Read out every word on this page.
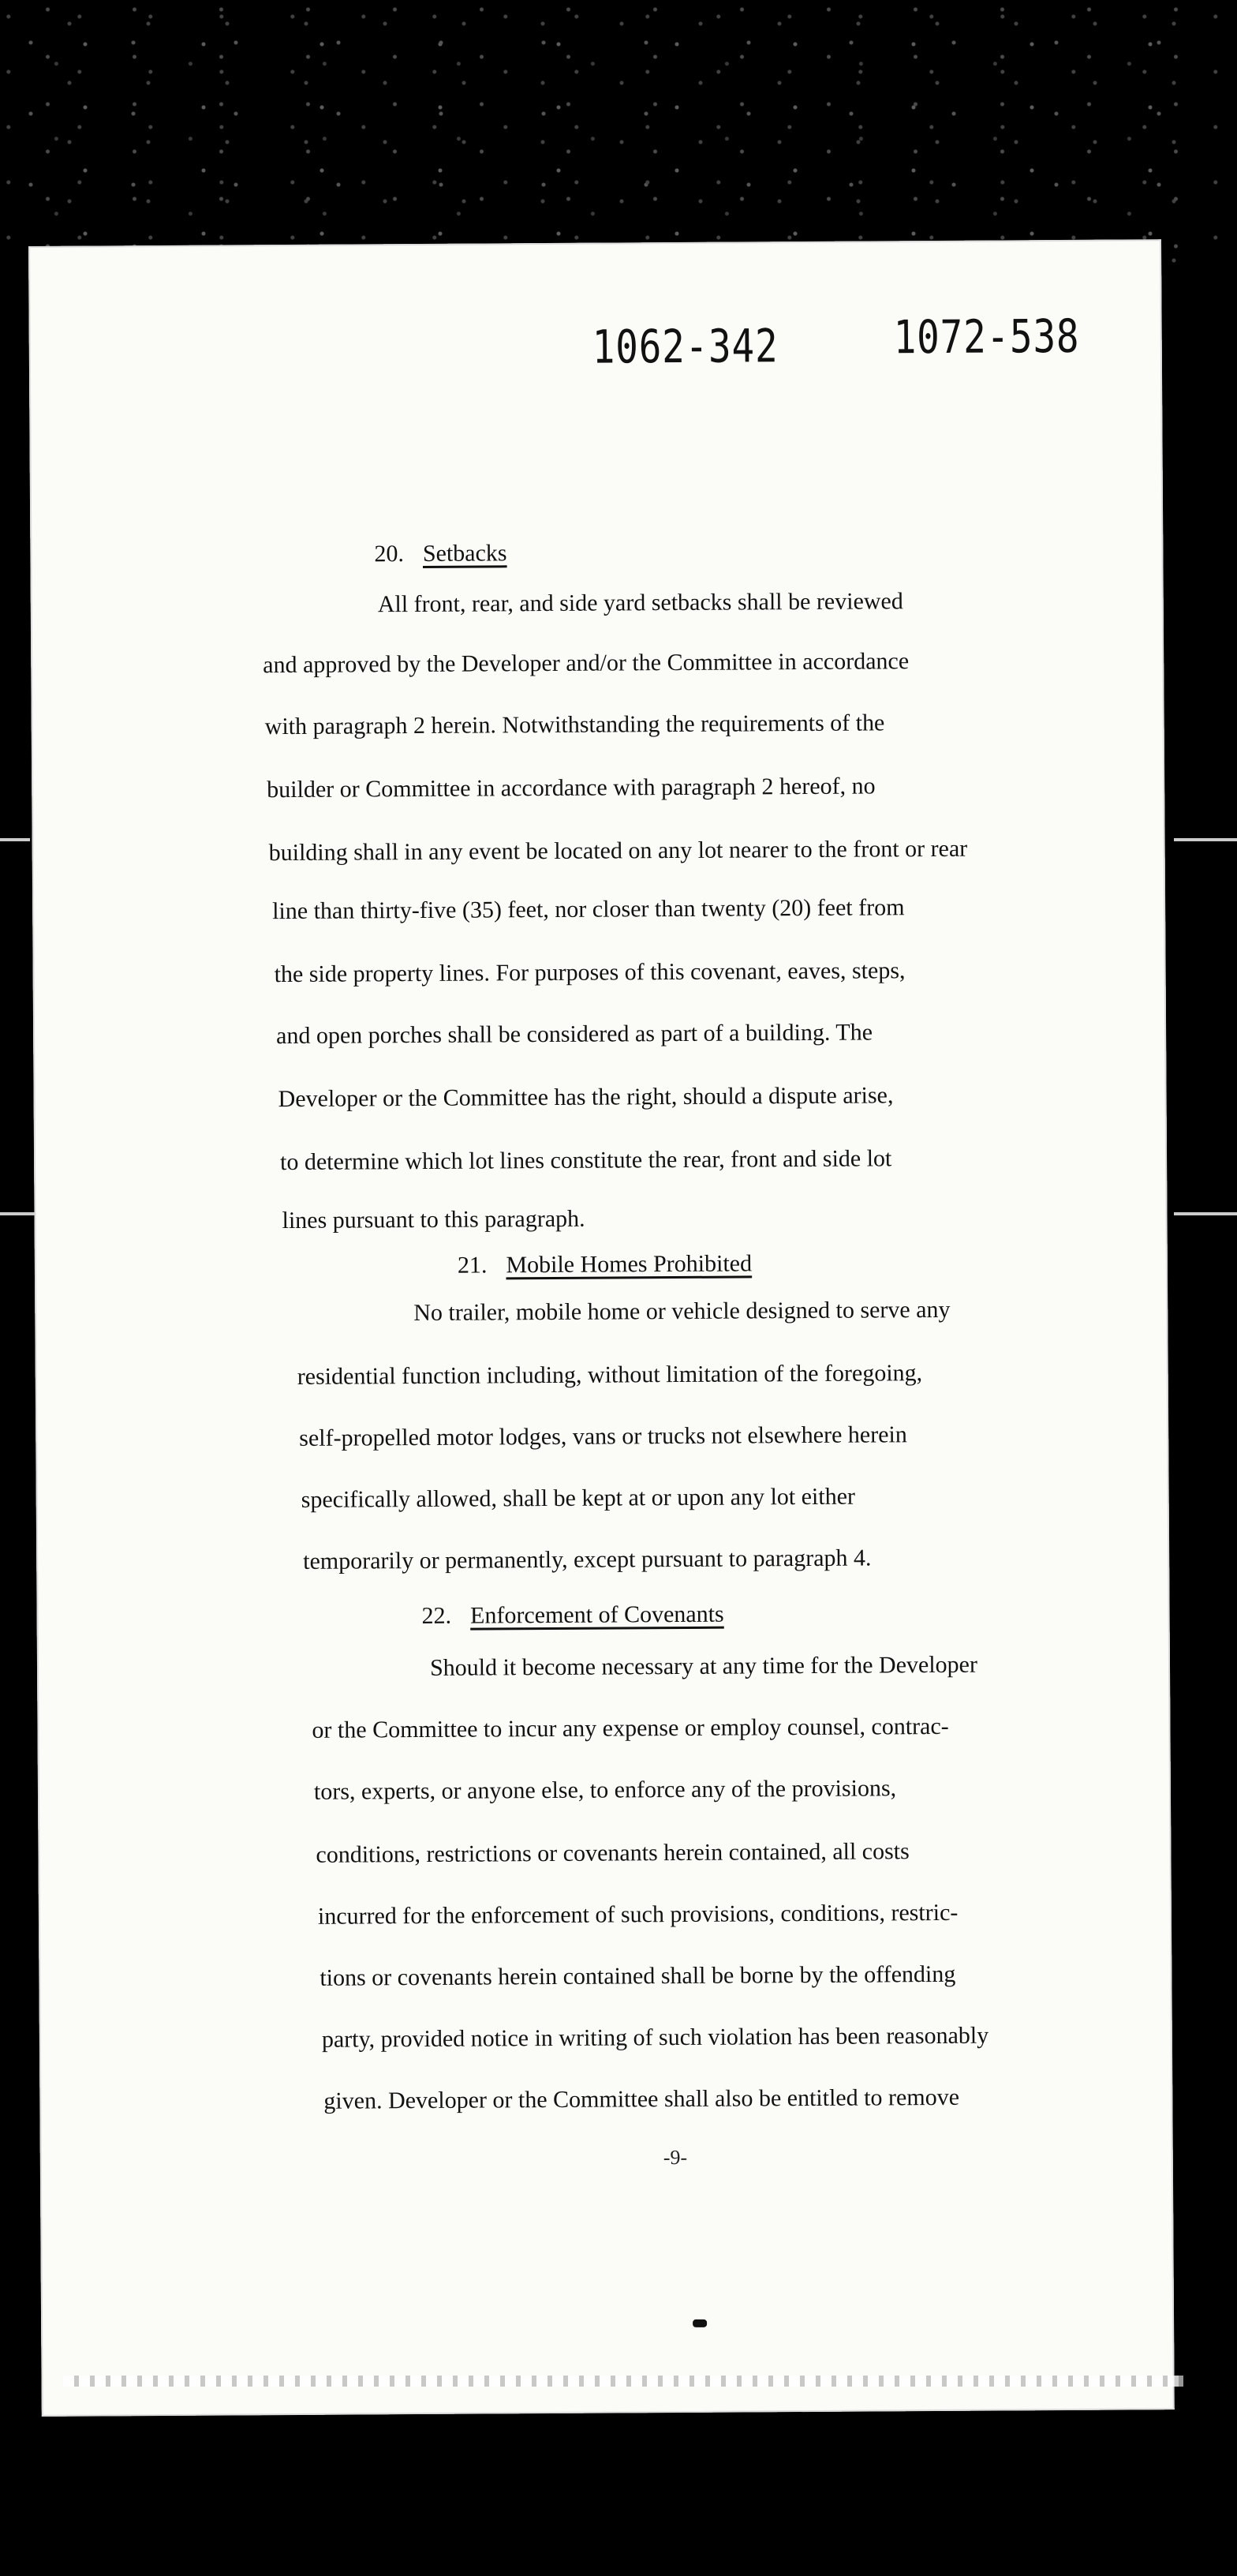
1062-342	1072-538
20. Setbacks
All front, rear, and side yard setbacks shall be reviewed
and approved by the Developer and/or the Committee in accordance
with paragraph 2 herein. Notwithstanding the requirements of the
builder or Committee in accordance with paragraph 2 hereof, no
building shall in any event be located on any lot nearer to the front or rear
line than thirty-five (35) feet, nor closer than twenty (20) feet from
the side property lines. For purposes of this covenant, eaves, steps,
and open porches shall be considered as part of a building. The
Developer or the Committee has the right, should a dispute arise,
to determine which lot lines constitute the rear, front and side lot
lines pursuant to this paragraph.
21. Mobile Homes Prohibited
No trailer, mobile home or vehicle designed to serve any
residential function including, without limitation of the foregoing,
self-propelled motor lodges, vans or trucks not elsewhere herein
specifically allowed, shall be kept at or upon any lot either
temporarily or permanently, except pursuant to paragraph 4.
22. Enforcement of Covenants
Should it become necessary at any time for the Developer
or the Committee to incur any expense or employ counsel, contrac-
tors, experts, or anyone else, to enforce any of the provisions,
conditions, restrictions or covenants herein contained, all costs
incurred for the enforcement of such provisions, conditions, restric-
tions or covenants herein contained shall be borne by the offending
party, provided notice in writing of such violation has been reasonably
given. Developer or the Committee shall also be entitled to remove
-9-
